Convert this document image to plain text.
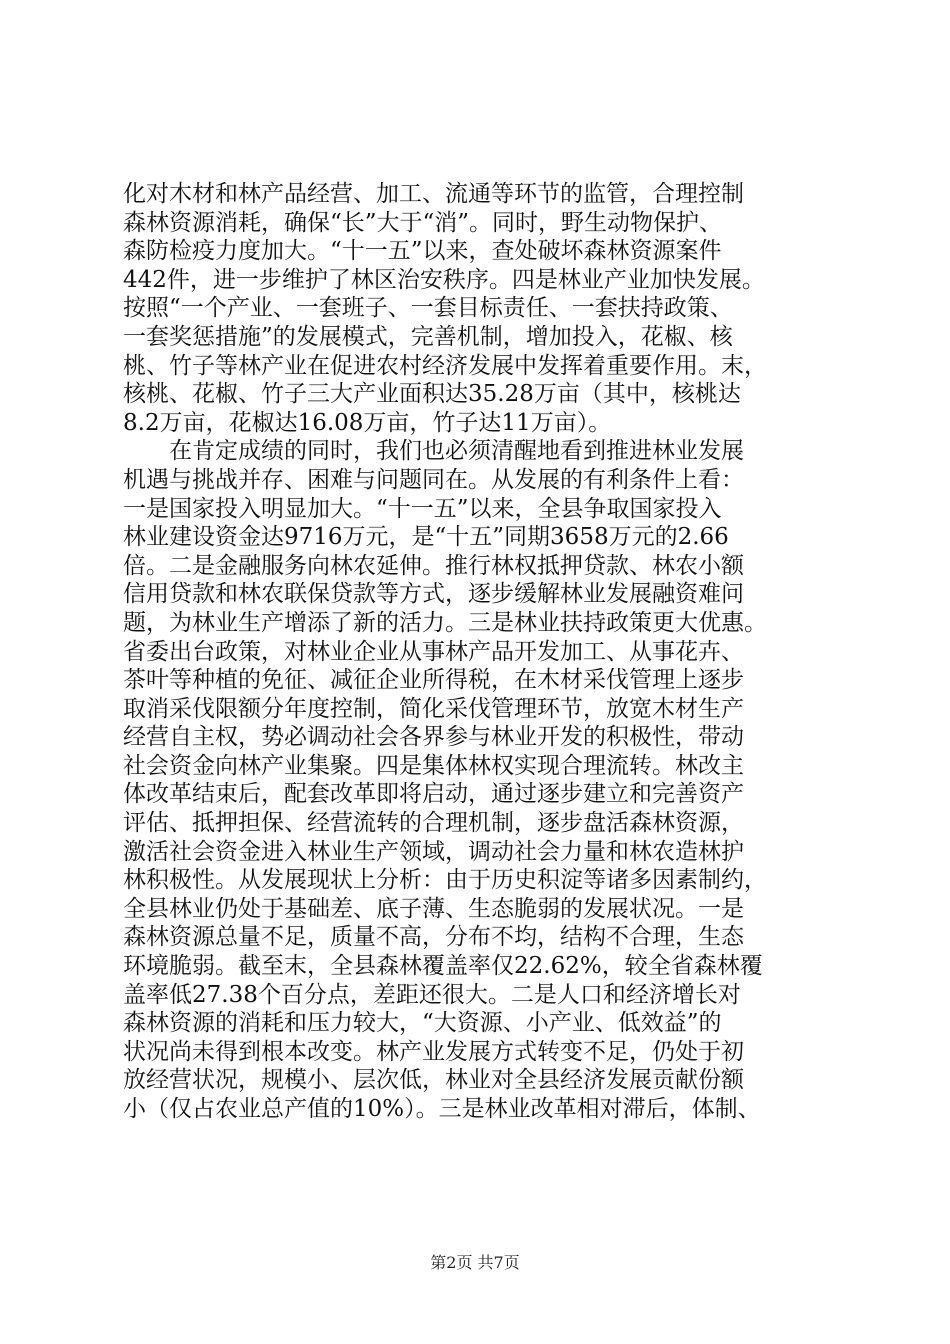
化对木材和林产品经营、加工、流通等环节的监管，合理控制
森林资源消耗，确保“长”大于“消”。同时，野生动物保护、
森防检疫力度加大。“十一五”以来，查处破坏森林资源案件
442件，进一步维护了林区治安秩序。四是林业产业加快发展。
按照“一个产业、一套班子、一套目标责任、一套扶持政策、
一套奖惩措施”的发展模式，完善机制，增加投入，花椒、核
桃、竹子等林产业在促进农村经济发展中发挥着重要作用。末，
核桃、花椒、竹子三大产业面积达35.28万亩（其中，核桃达
8.2万亩，花椒达16.08万亩，竹子达11万亩）。
　　在肯定成绩的同时，我们也必须清醒地看到推进林业发展
机遇与挑战并存、困难与问题同在。从发展的有利条件上看：
一是国家投入明显加大。“十一五”以来，全县争取国家投入
林业建设资金达9716万元，是“十五”同期3658万元的2.66
倍。二是金融服务向林农延伸。推行林权抵押贷款、林农小额
信用贷款和林农联保贷款等方式，逐步缓解林业发展融资难问
题，为林业生产增添了新的活力。三是林业扶持政策更大优惠。
省委出台政策，对林业企业从事林产品开发加工、从事花卉、
茶叶等种植的免征、减征企业所得税，在木材采伐管理上逐步
取消采伐限额分年度控制，简化采伐管理环节，放宽木材生产
经营自主权，势必调动社会各界参与林业开发的积极性，带动
社会资金向林产业集聚。四是集体林权实现合理流转。林改主
体改革结束后，配套改革即将启动，通过逐步建立和完善资产
评估、抵押担保、经营流转的合理机制，逐步盘活森林资源，
激活社会资金进入林业生产领域，调动社会力量和林农造林护
林积极性。从发展现状上分析：由于历史积淀等诸多因素制约，
全县林业仍处于基础差、底子薄、生态脆弱的发展状况。一是
森林资源总量不足，质量不高，分布不均，结构不合理，生态
环境脆弱。截至末，全县森林覆盖率仅22.62%，较全省森林覆
盖率低27.38个百分点，差距还很大。二是人口和经济增长对
森林资源的消耗和压力较大，“大资源、小产业、低效益”的
状况尚未得到根本改变。林产业发展方式转变不足，仍处于初
放经营状况，规模小、层次低，林业对全县经济发展贡献份额
小（仅占农业总产值的10%）。三是林业改革相对滞后，体制、
第2页 共7页
